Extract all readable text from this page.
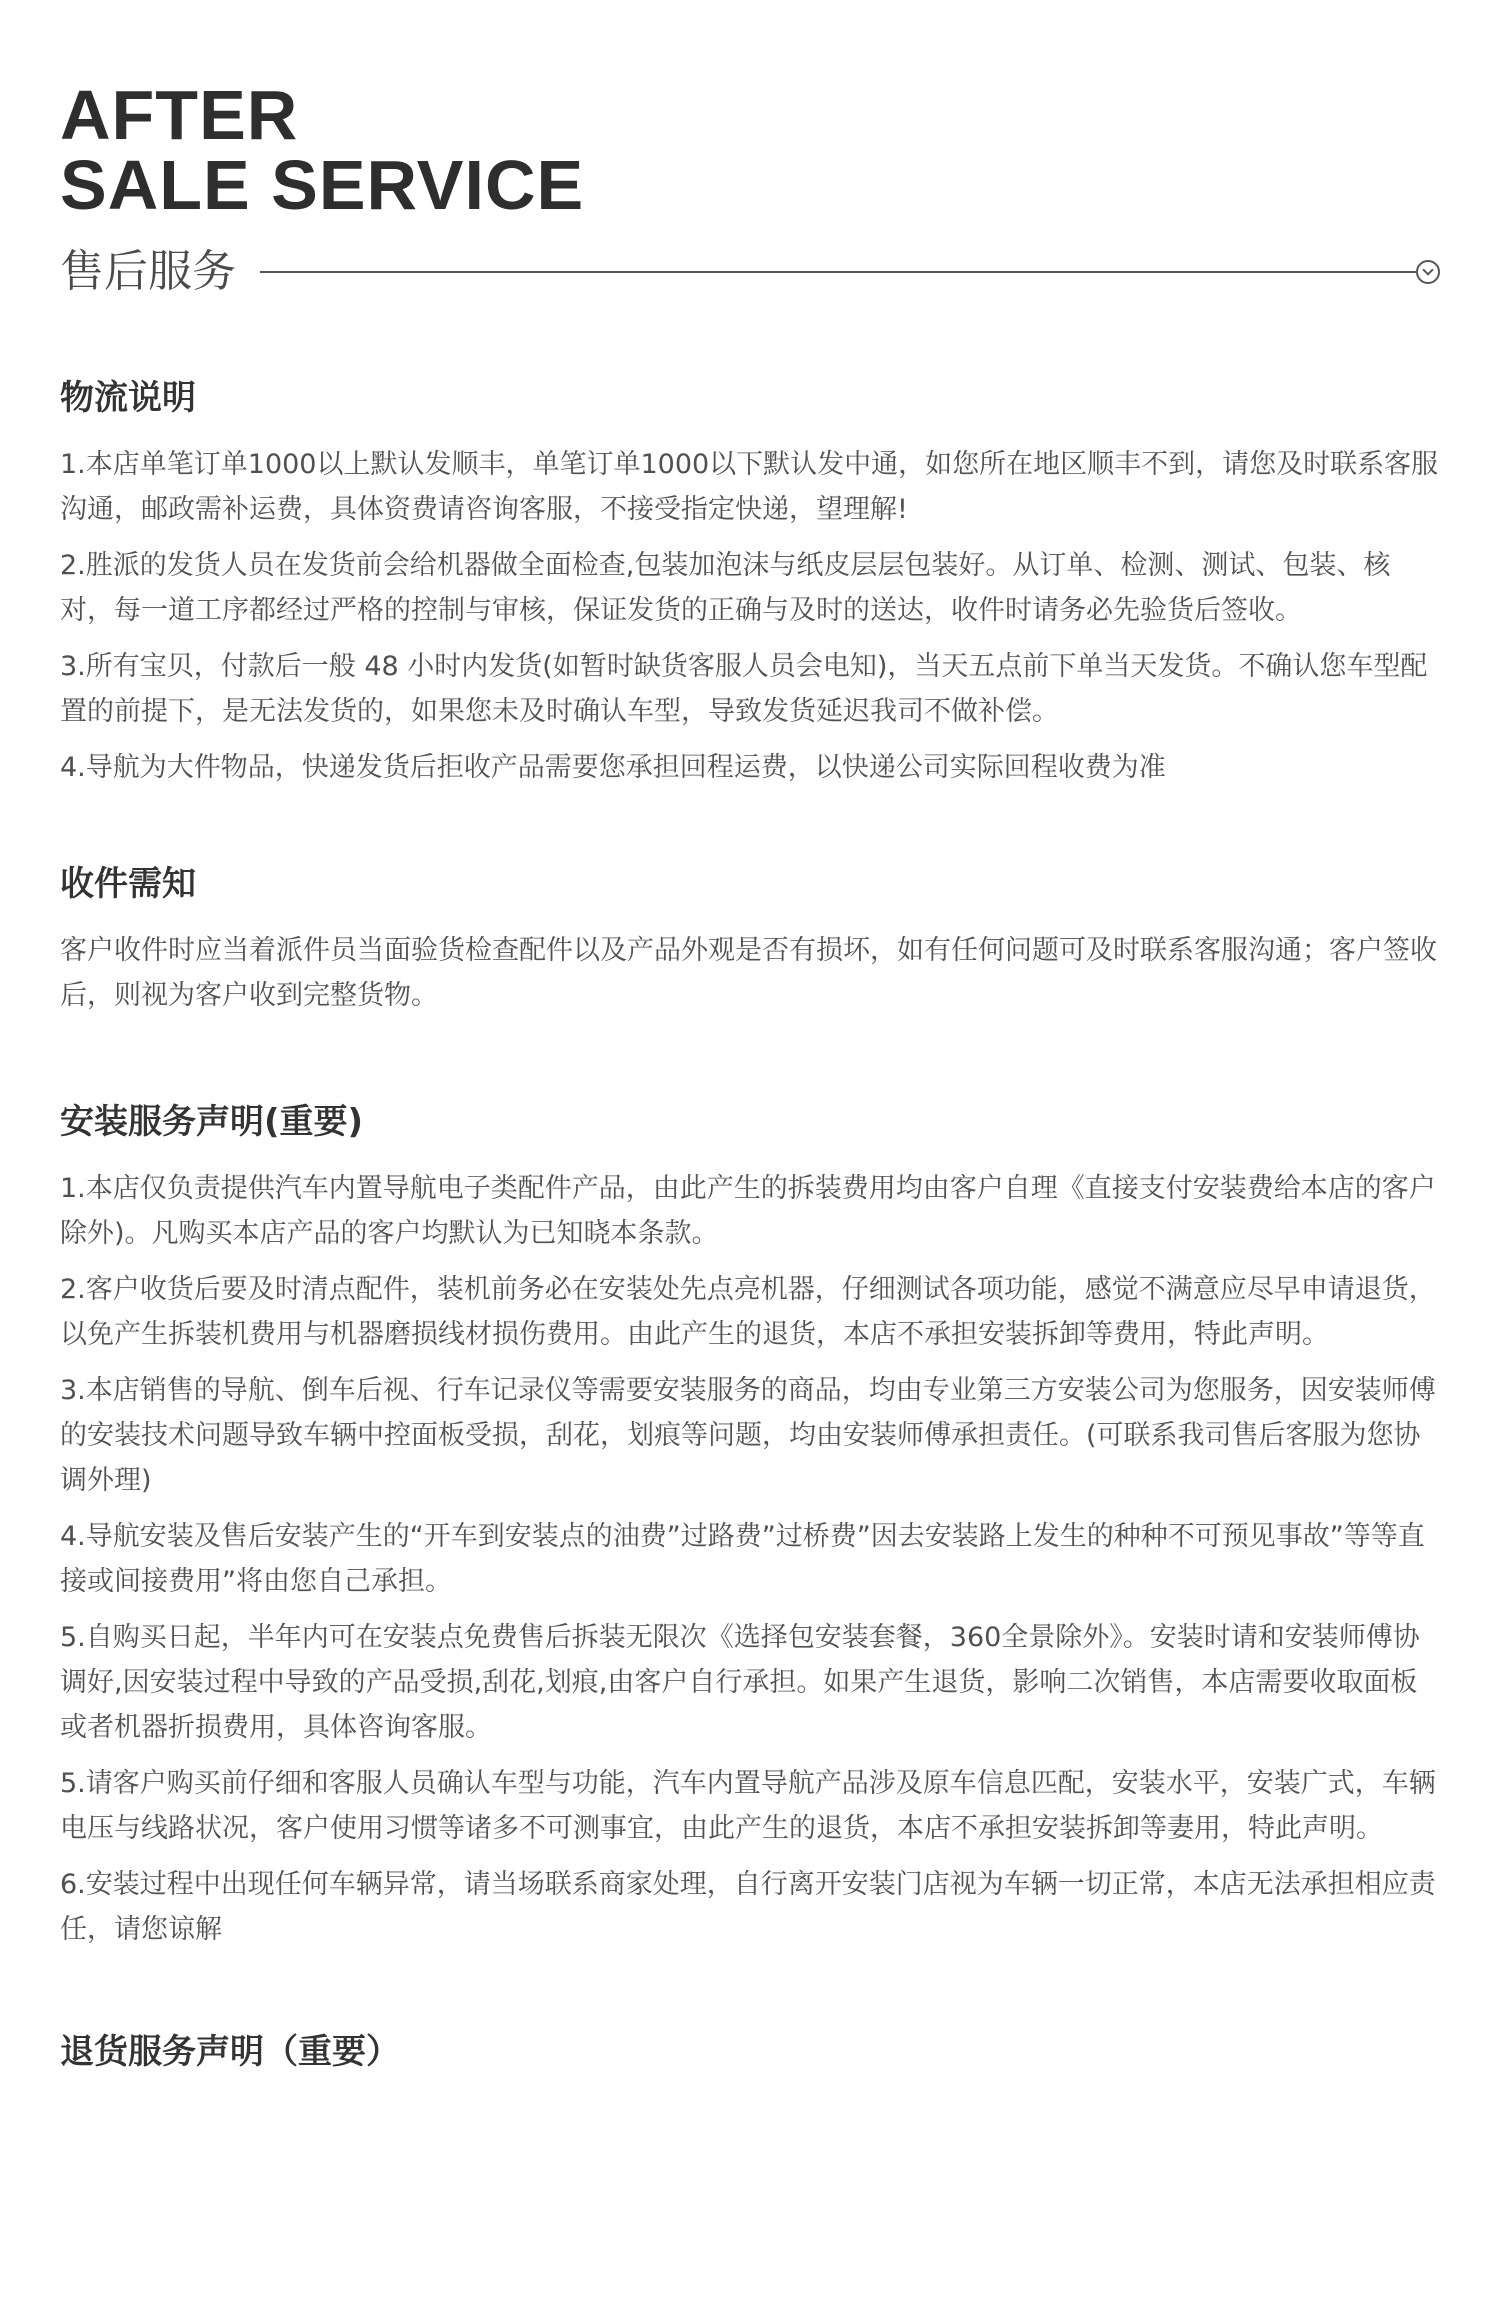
AFTER
SALE SERVICE
售后服务
物流说明

1.本店单笔订单1000以上默认发顺丰，单笔订单1000以下默认发中通，如您所在地区顺丰不到，请您及时联系客服沟通，邮政需补运费，具体资费请咨询客服，不接受指定快递，望理解!

2.胜派的发货人员在发货前会给机器做全面检查,包装加泡沫与纸皮层层包装好。从订单、检测、测试、包装、核对，每一道工序都经过严格的控制与审核，保证发货的正确与及时的送达，收件时请务必先验货后签收。

3.所有宝贝，付款后一般 48 小时内发货(如暂时缺货客服人员会电知)，当天五点前下单当天发货。不确认您车型配置的前提下，是无法发货的，如果您未及时确认车型，导致发货延迟我司不做补偿。

4.导航为大件物品，快递发货后拒收产品需要您承担回程运费，以快递公司实际回程收费为准

收件需知

客户收件时应当着派件员当面验货检查配件以及产品外观是否有损坏，如有任何问题可及时联系客服沟通；客户签收后，则视为客户收到完整货物。

安装服务声明(重要)

1.本店仅负责提供汽车内置导航电子类配件产品，由此产生的拆装费用均由客户自理《直接支付安装费给本店的客户除外)。凡购买本店产品的客户均默认为已知晓本条款。

2.客户收货后要及时清点配件，装机前务必在安装处先点亮机器，仔细测试各项功能，感觉不满意应尽早申请退货，以免产生拆装机费用与机器磨损线材损伤费用。由此产生的退货，本店不承担安装拆卸等费用，特此声明。

3.本店销售的导航、倒车后视、行车记录仪等需要安装服务的商品，均由专业第三方安装公司为您服务，因安装师傅的安装技术问题导致车辆中控面板受损，刮花，划痕等问题，均由安装师傅承担责任。(可联系我司售后客服为您协调外理)

4.导航安装及售后安装产生的“开车到安装点的油费”过路费”过桥费”因去安装路上发生的种种不可预见事故”等等直接或间接费用”将由您自己承担。

5.自购买日起，半年内可在安装点免费售后拆装无限次《选择包安装套餐，360全景除外》。安装时请和安装师傅协调好,因安装过程中导致的产品受损,刮花,划痕,由客户自行承担。如果产生退货，影响二次销售，本店需要收取面板或者机器折损费用，具体咨询客服。

5.请客户购买前仔细和客服人员确认车型与功能，汽车内置导航产品涉及原车信息匹配，安装水平，安装广式，车辆电压与线路状况，客户使用习惯等诸多不可测事宜，由此产生的退货，本店不承担安装拆卸等妻用，特此声明。

6.安装过程中出现任何车辆异常，请当场联系商家处理，自行离开安装门店视为车辆一切正常，本店无法承担相应责任，请您谅解

退货服务声明（重要）
